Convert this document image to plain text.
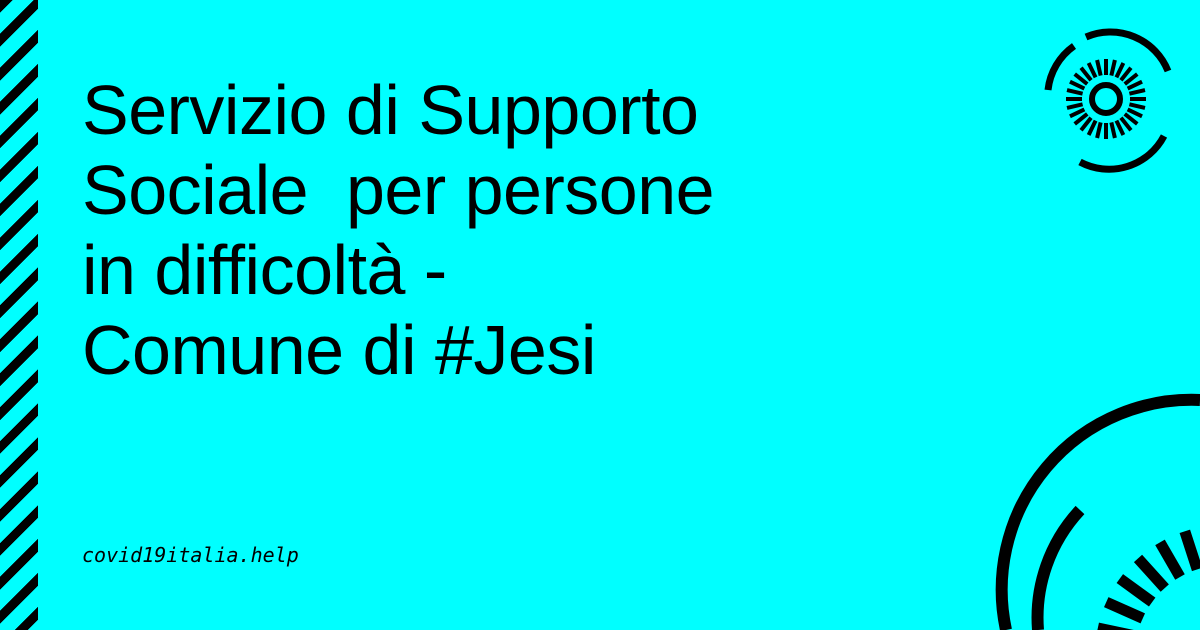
Servizio di Supporto
Sociale  per persone
in difficoltà -
Comune di #Jesi
covid19italia.help
